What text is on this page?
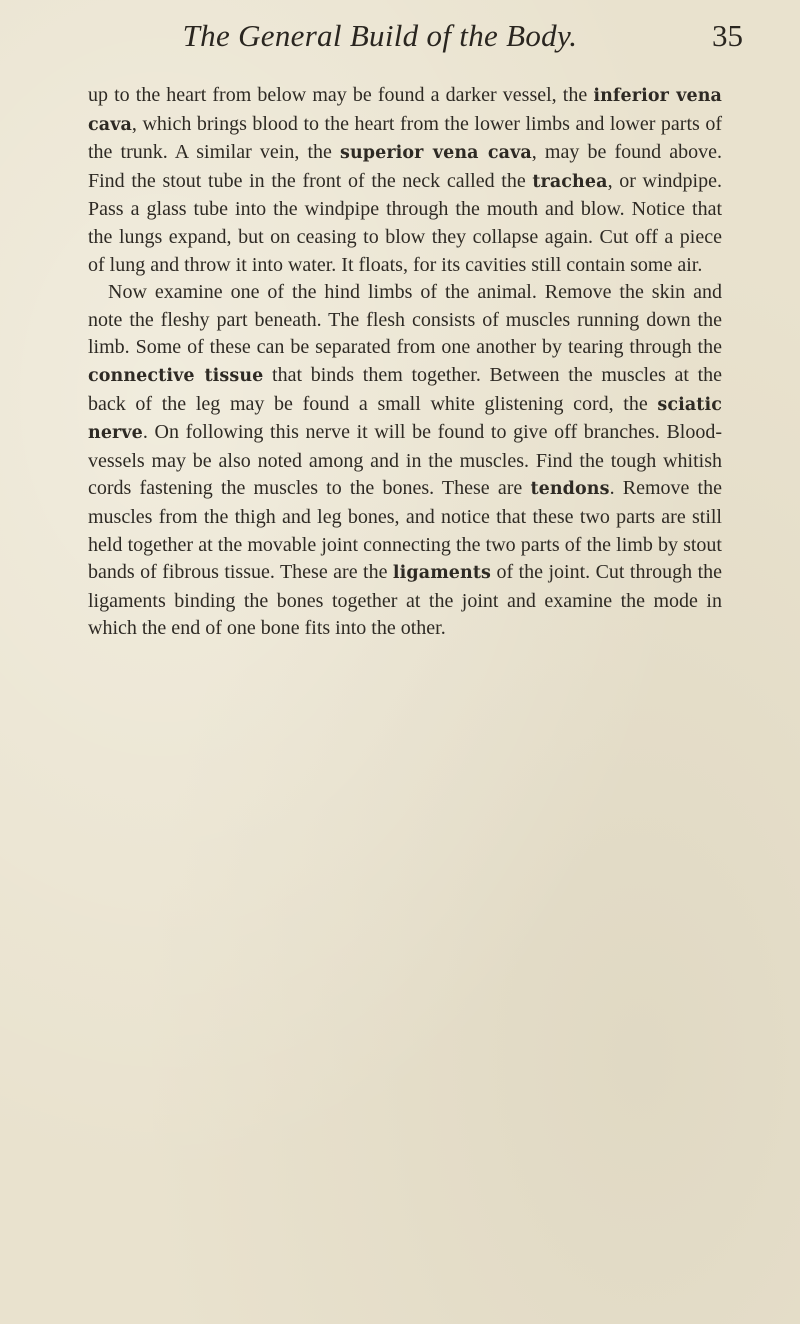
The General Build of the Body.	35

up to the heart from below may be found a darker vessel, the inferior vena cava, which brings blood to the heart from the lower limbs and lower parts of the trunk. A similar vein, the superior vena cava, may be found above. Find the stout tube in the front of the neck called the trachea, or windpipe. Pass a glass tube into the windpipe through the mouth and blow. Notice that the lungs expand, but on ceasing to blow they collapse again. Cut off a piece of lung and throw it into water. It floats, for its cavities still contain some air.

Now examine one of the hind limbs of the animal. Remove the skin and note the fleshy part beneath. The flesh consists of muscles running down the limb. Some of these can be separated from one another by tearing through the connective tissue that binds them together. Between the muscles at the back of the leg may be found a small white glistening cord, the sciatic nerve. On following this nerve it will be found to give off branches. Blood-vessels may be also noted among and in the muscles. Find the tough whitish cords fastening the muscles to the bones. These are tendons. Remove the muscles from the thigh and leg bones, and notice that these two parts are still held together at the movable joint connecting the two parts of the limb by stout bands of fibrous tissue. These are the ligaments of the joint. Cut through the ligaments binding the bones together at the joint and examine the mode in which the end of one bone fits into the other.
